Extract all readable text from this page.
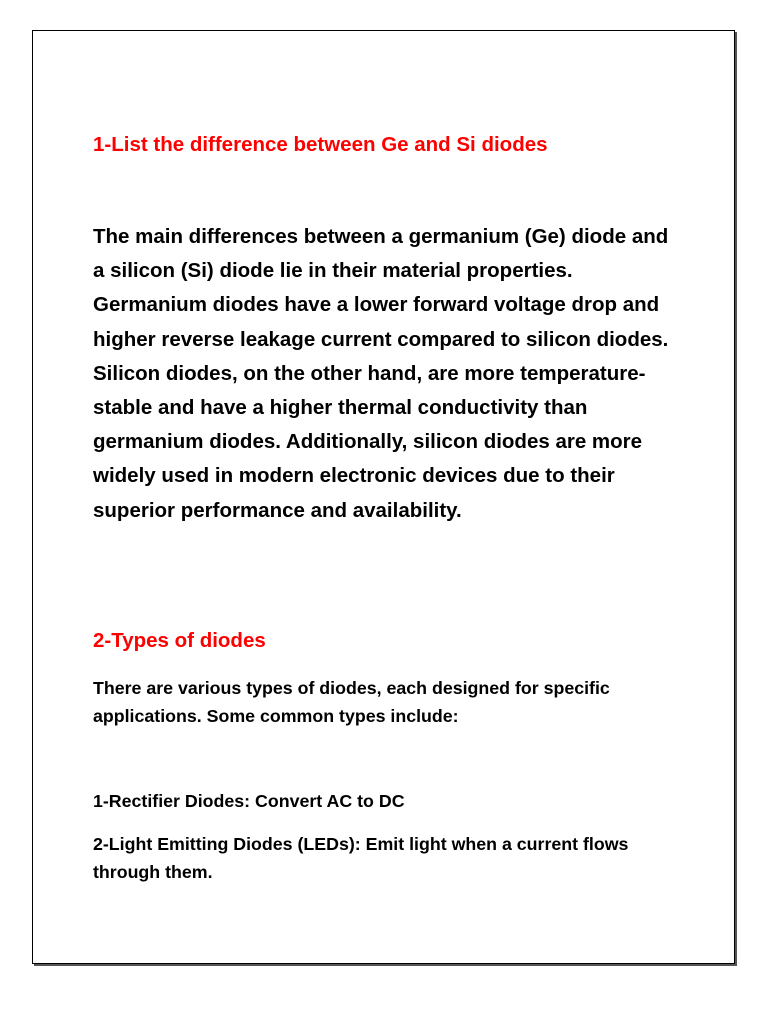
1-List the difference between Ge and Si diodes

The main differences between a germanium (Ge) diode and a silicon (Si) diode lie in their material properties. Germanium diodes have a lower forward voltage drop and higher reverse leakage current compared to silicon diodes. Silicon diodes, on the other hand, are more temperature-stable and have a higher thermal conductivity than germanium diodes. Additionally, silicon diodes are more widely used in modern electronic devices due to their superior performance and availability.

2-Types of diodes

There are various types of diodes, each designed for specific applications. Some common types include:

1-Rectifier Diodes: Convert AC to DC

2-Light Emitting Diodes (LEDs): Emit light when a current flows through them.
